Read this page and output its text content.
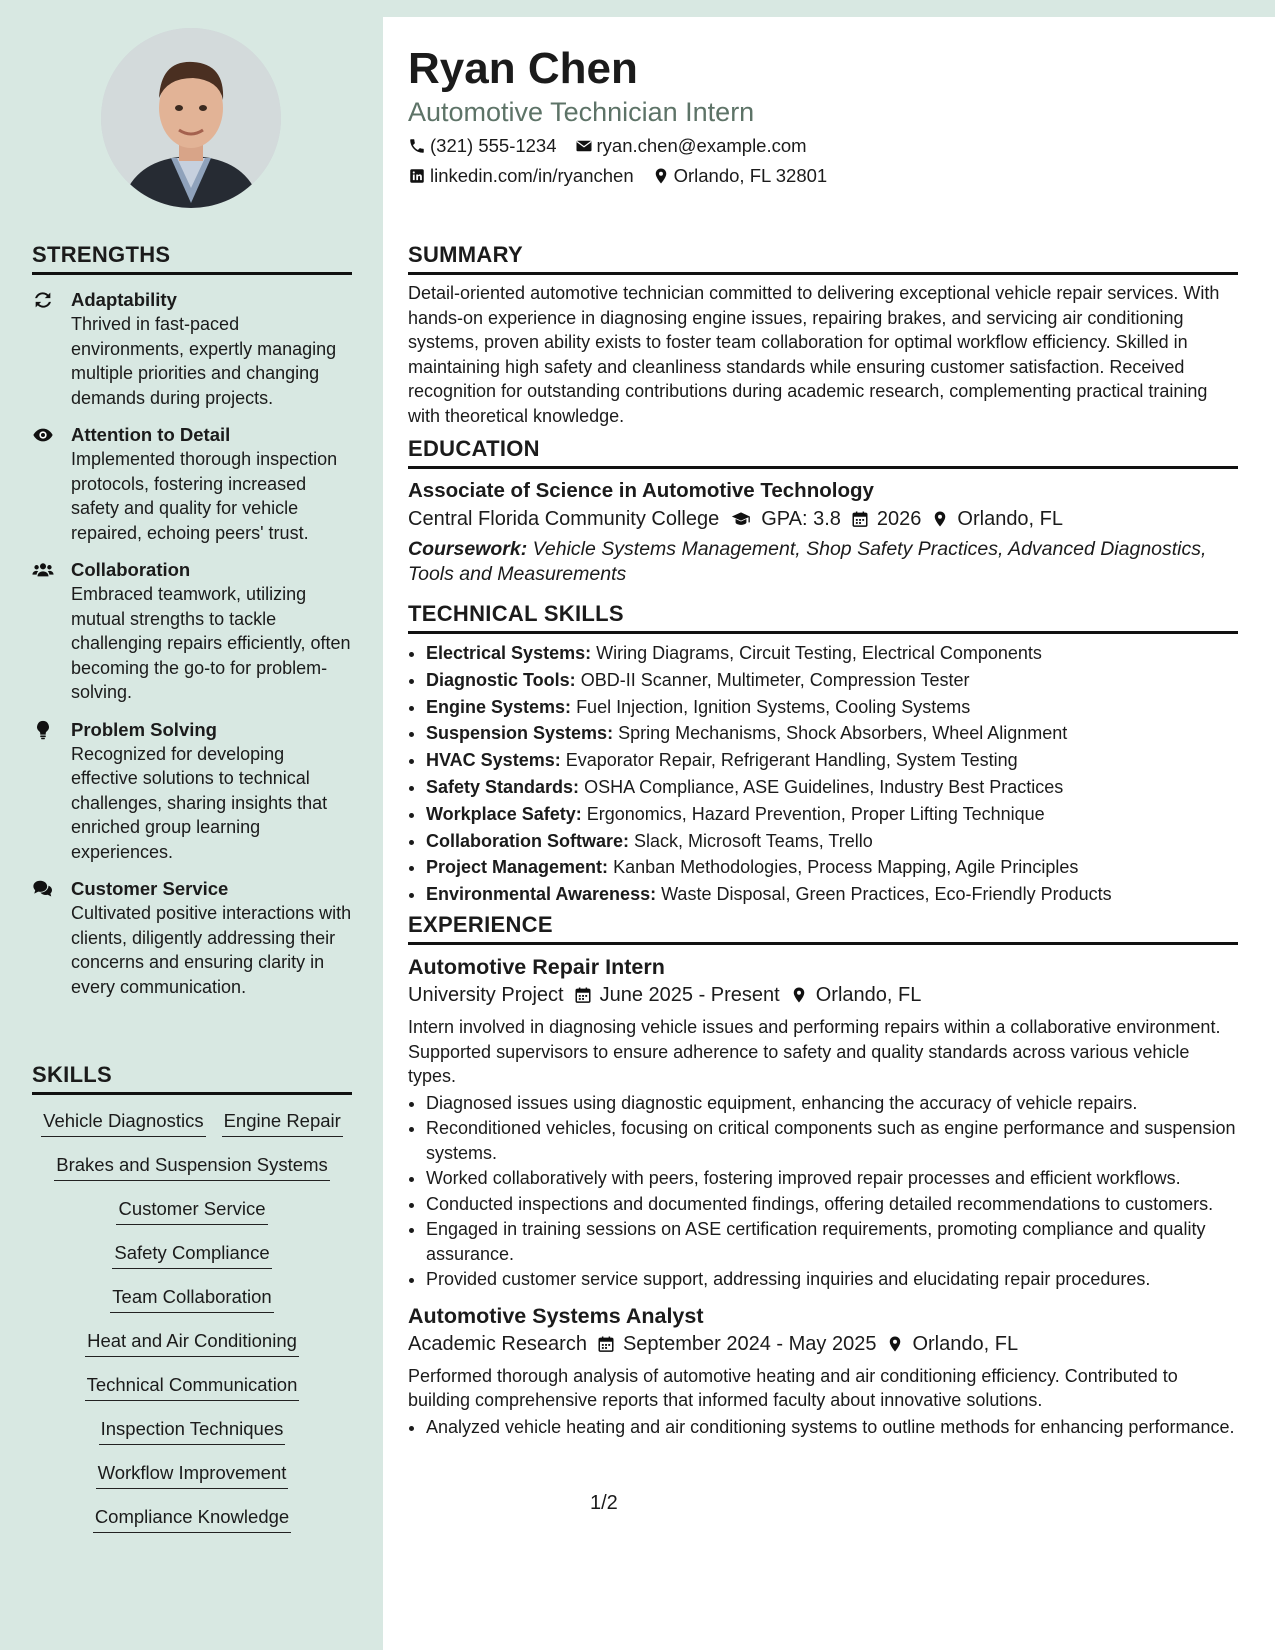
STRENGTHS
Adaptability
Thrived in fast-paced environments, expertly managing multiple priorities and changing demands during projects.
Attention to Detail
Implemented thorough inspection protocols, fostering increased safety and quality for vehicle repaired, echoing peers' trust.
Collaboration
Embraced teamwork, utilizing mutual strengths to tackle challenging repairs efficiently, often becoming the go-to for problem-solving.
Problem Solving
Recognized for developing effective solutions to technical challenges, sharing insights that enriched group learning experiences.
Customer Service
Cultivated positive interactions with clients, diligently addressing their concerns and ensuring clarity in every communication.
SKILLS
Vehicle Diagnostics Engine Repair
Brakes and Suspension Systems
Customer Service
Safety Compliance
Team Collaboration
Heat and Air Conditioning
Technical Communication
Inspection Techniques
Workflow Improvement
Compliance Knowledge
Ryan Chen
Automotive Technician Intern
(321) 555-1234 ryan.chen@example.com
linkedin.com/in/ryanchen Orlando, FL 32801
SUMMARY

Detail-oriented automotive technician committed to delivering exceptional vehicle repair services. With hands-on experience in diagnosing engine issues, repairing brakes, and servicing air conditioning systems, proven ability exists to foster team collaboration for optimal workflow efficiency. Skilled in maintaining high safety and cleanliness standards while ensuring customer satisfaction. Received recognition for outstanding contributions during academic research, complementing practical training with theoretical knowledge.

EDUCATION
Associate of Science in Automotive Technology
Central Florida Community College GPA: 3.8 2026 Orlando, FL
Coursework: Vehicle Systems Management, Shop Safety Practices, Advanced Diagnostics, Tools and Measurements
TECHNICAL SKILLS
• Electrical Systems: Wiring Diagrams, Circuit Testing, Electrical Components
• Diagnostic Tools: OBD-II Scanner, Multimeter, Compression Tester
• Engine Systems: Fuel Injection, Ignition Systems, Cooling Systems
• Suspension Systems: Spring Mechanisms, Shock Absorbers, Wheel Alignment
• HVAC Systems: Evaporator Repair, Refrigerant Handling, System Testing
• Safety Standards: OSHA Compliance, ASE Guidelines, Industry Best Practices
• Workplace Safety: Ergonomics, Hazard Prevention, Proper Lifting Technique
• Collaboration Software: Slack, Microsoft Teams, Trello
• Project Management: Kanban Methodologies, Process Mapping, Agile Principles
• Environmental Awareness: Waste Disposal, Green Practices, Eco-Friendly Products
EXPERIENCE
Automotive Repair Intern
University Project June 2025 - Present Orlando, FL

Intern involved in diagnosing vehicle issues and performing repairs within a collaborative environment. Supported supervisors to ensure adherence to safety and quality standards across various vehicle types.

• Diagnosed issues using diagnostic equipment, enhancing the accuracy of vehicle repairs.
• Reconditioned vehicles, focusing on critical components such as engine performance and suspension systems.
• Worked collaboratively with peers, fostering improved repair processes and efficient workflows.
• Conducted inspections and documented findings, offering detailed recommendations to customers.
• Engaged in training sessions on ASE certification requirements, promoting compliance and quality assurance.
• Provided customer service support, addressing inquiries and elucidating repair procedures.
Automotive Systems Analyst
Academic Research September 2024 - May 2025 Orlando, FL

Performed thorough analysis of automotive heating and air conditioning efficiency. Contributed to building comprehensive reports that informed faculty about innovative solutions.

• Analyzed vehicle heating and air conditioning systems to outline methods for enhancing performance.
1/2
